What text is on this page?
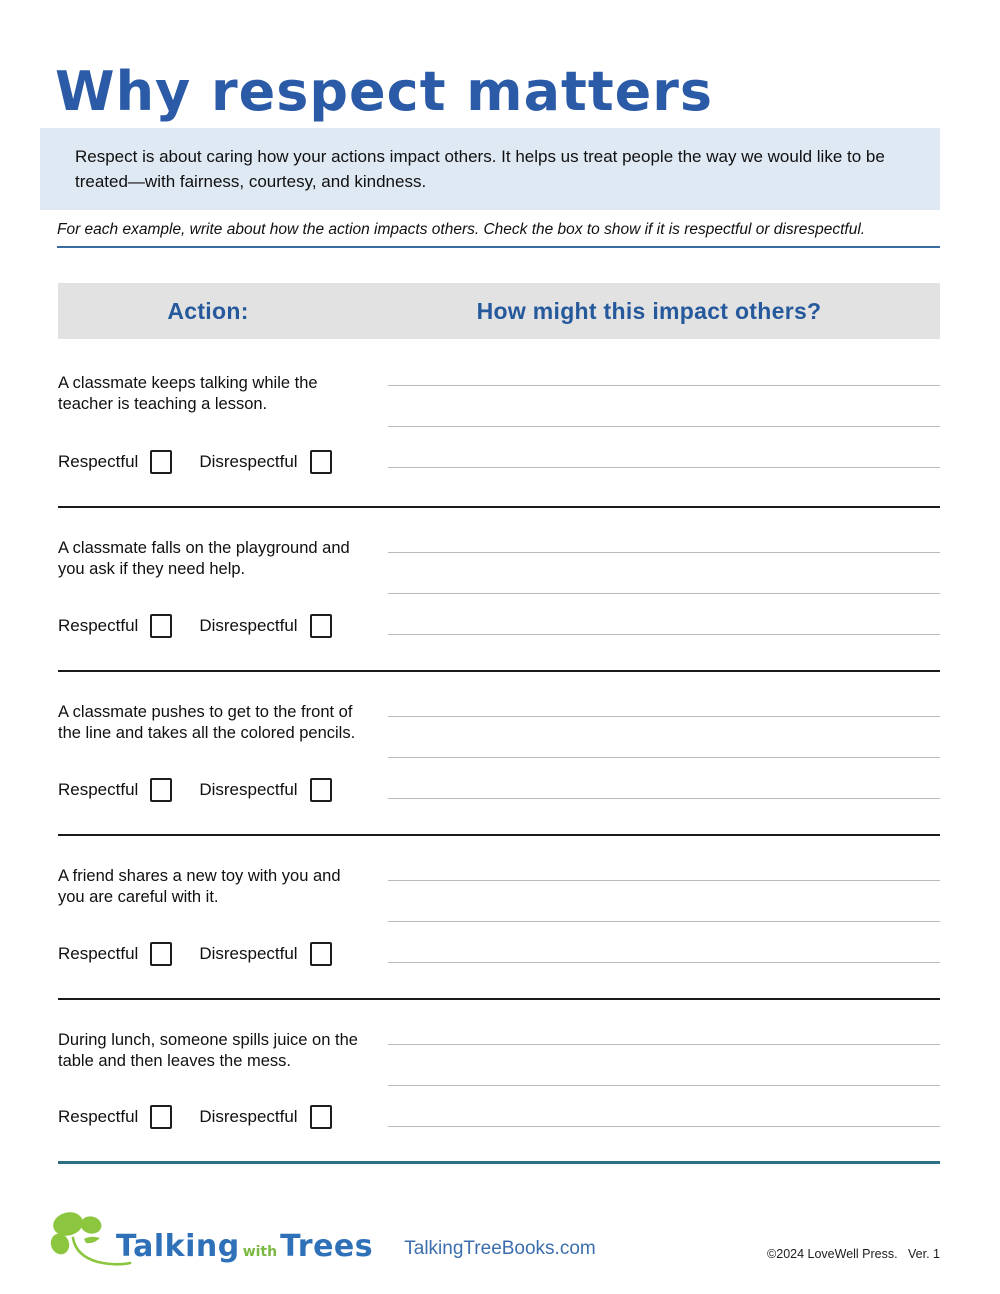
Why respect matters

Respect is about caring how your actions impact others. It helps us treat people the way we would like to be treated—with fairness, courtesy, and kindness.

For each example, write about how the action impacts others. Check the box to show if it is respectful or disrespectful.
Action:	How might this impact others?

A classmate keeps talking while the teacher is teaching a lesson.

Respectful	Disrespectful

A classmate falls on the playground and you ask if they need help.

Respectful	Disrespectful

A classmate pushes to get to the front of the line and takes all the colored pencils.

Respectful	Disrespectful

A friend shares a new toy with you and you are careful with it.

Respectful	Disrespectful

During lunch, someone spills juice on the table and then leaves the mess.

Respectful	Disrespectful
Talking with Trees	TalkingTreeBooks.com	©2024 LoveWell Press.   Ver. 1
